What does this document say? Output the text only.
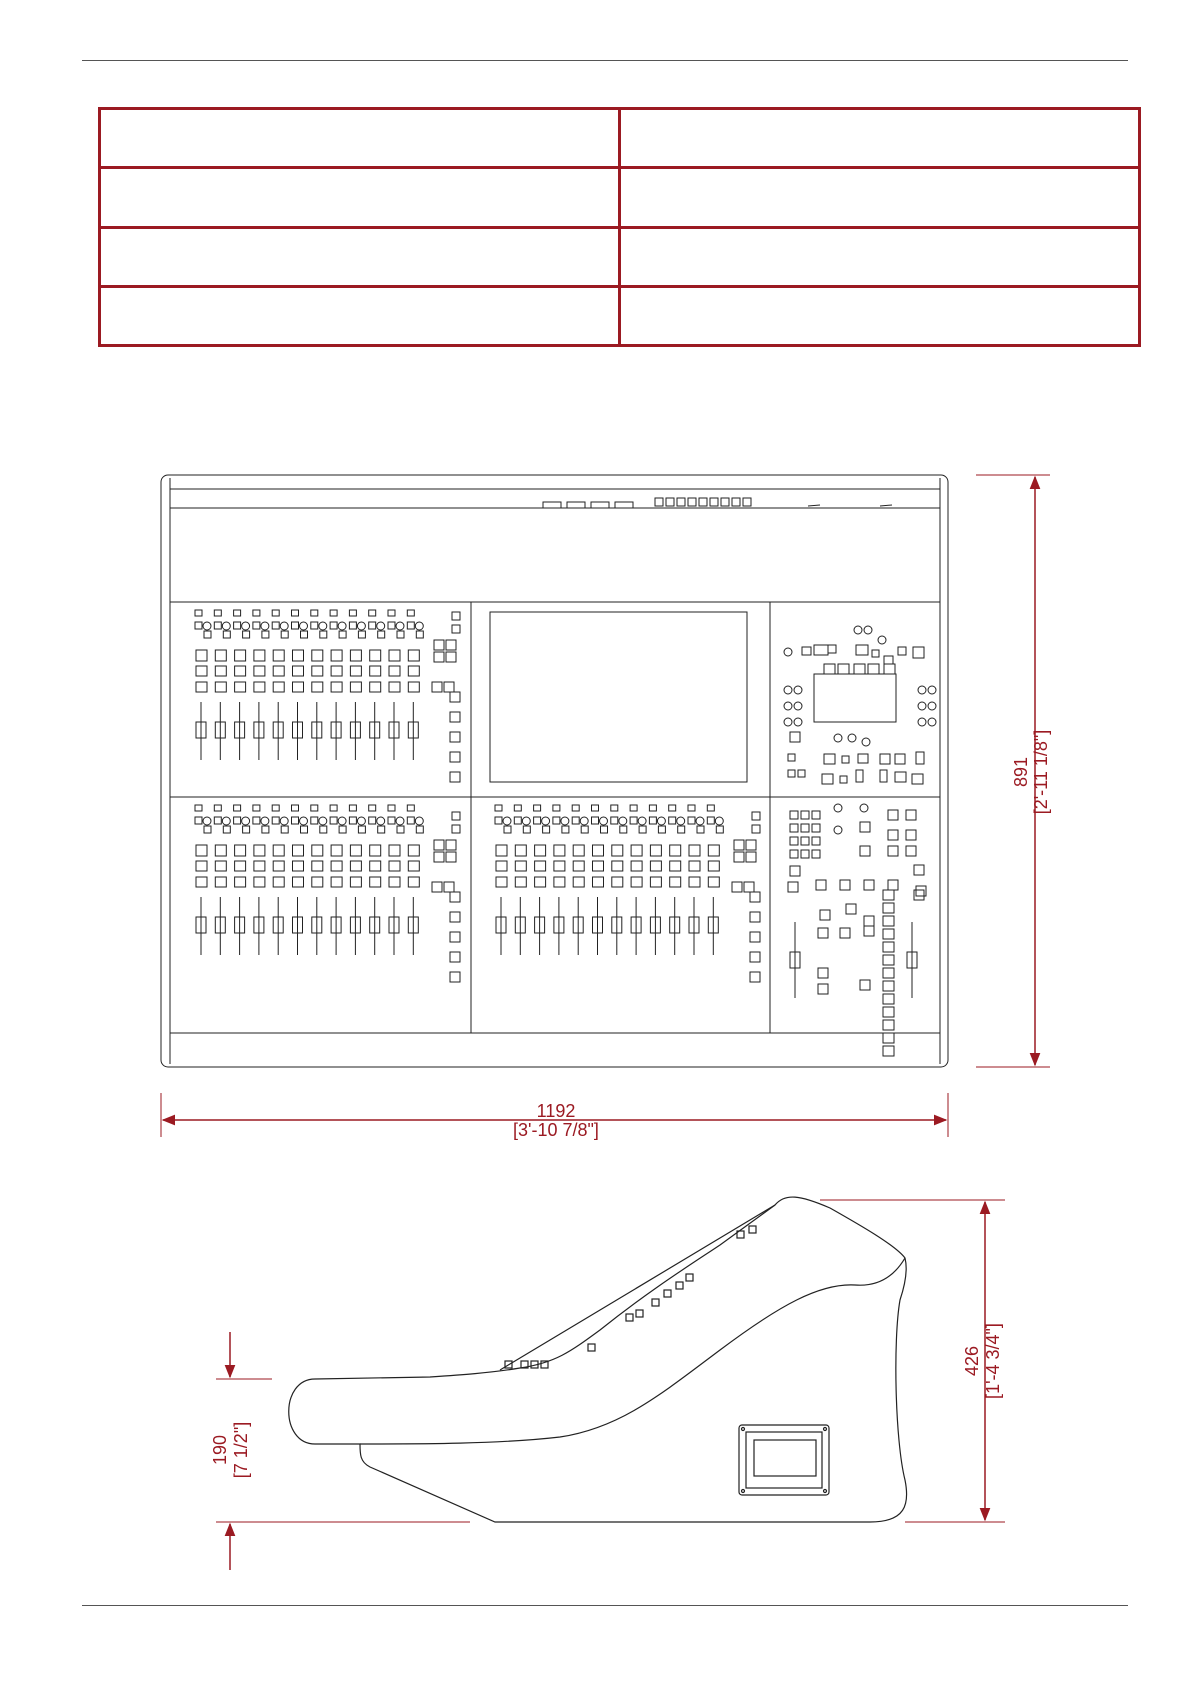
891 [2'-11 1/8"]
1192
[3'-10 7/8"]
190 [7 1/2"]
426 [1'-4 3/4"]
